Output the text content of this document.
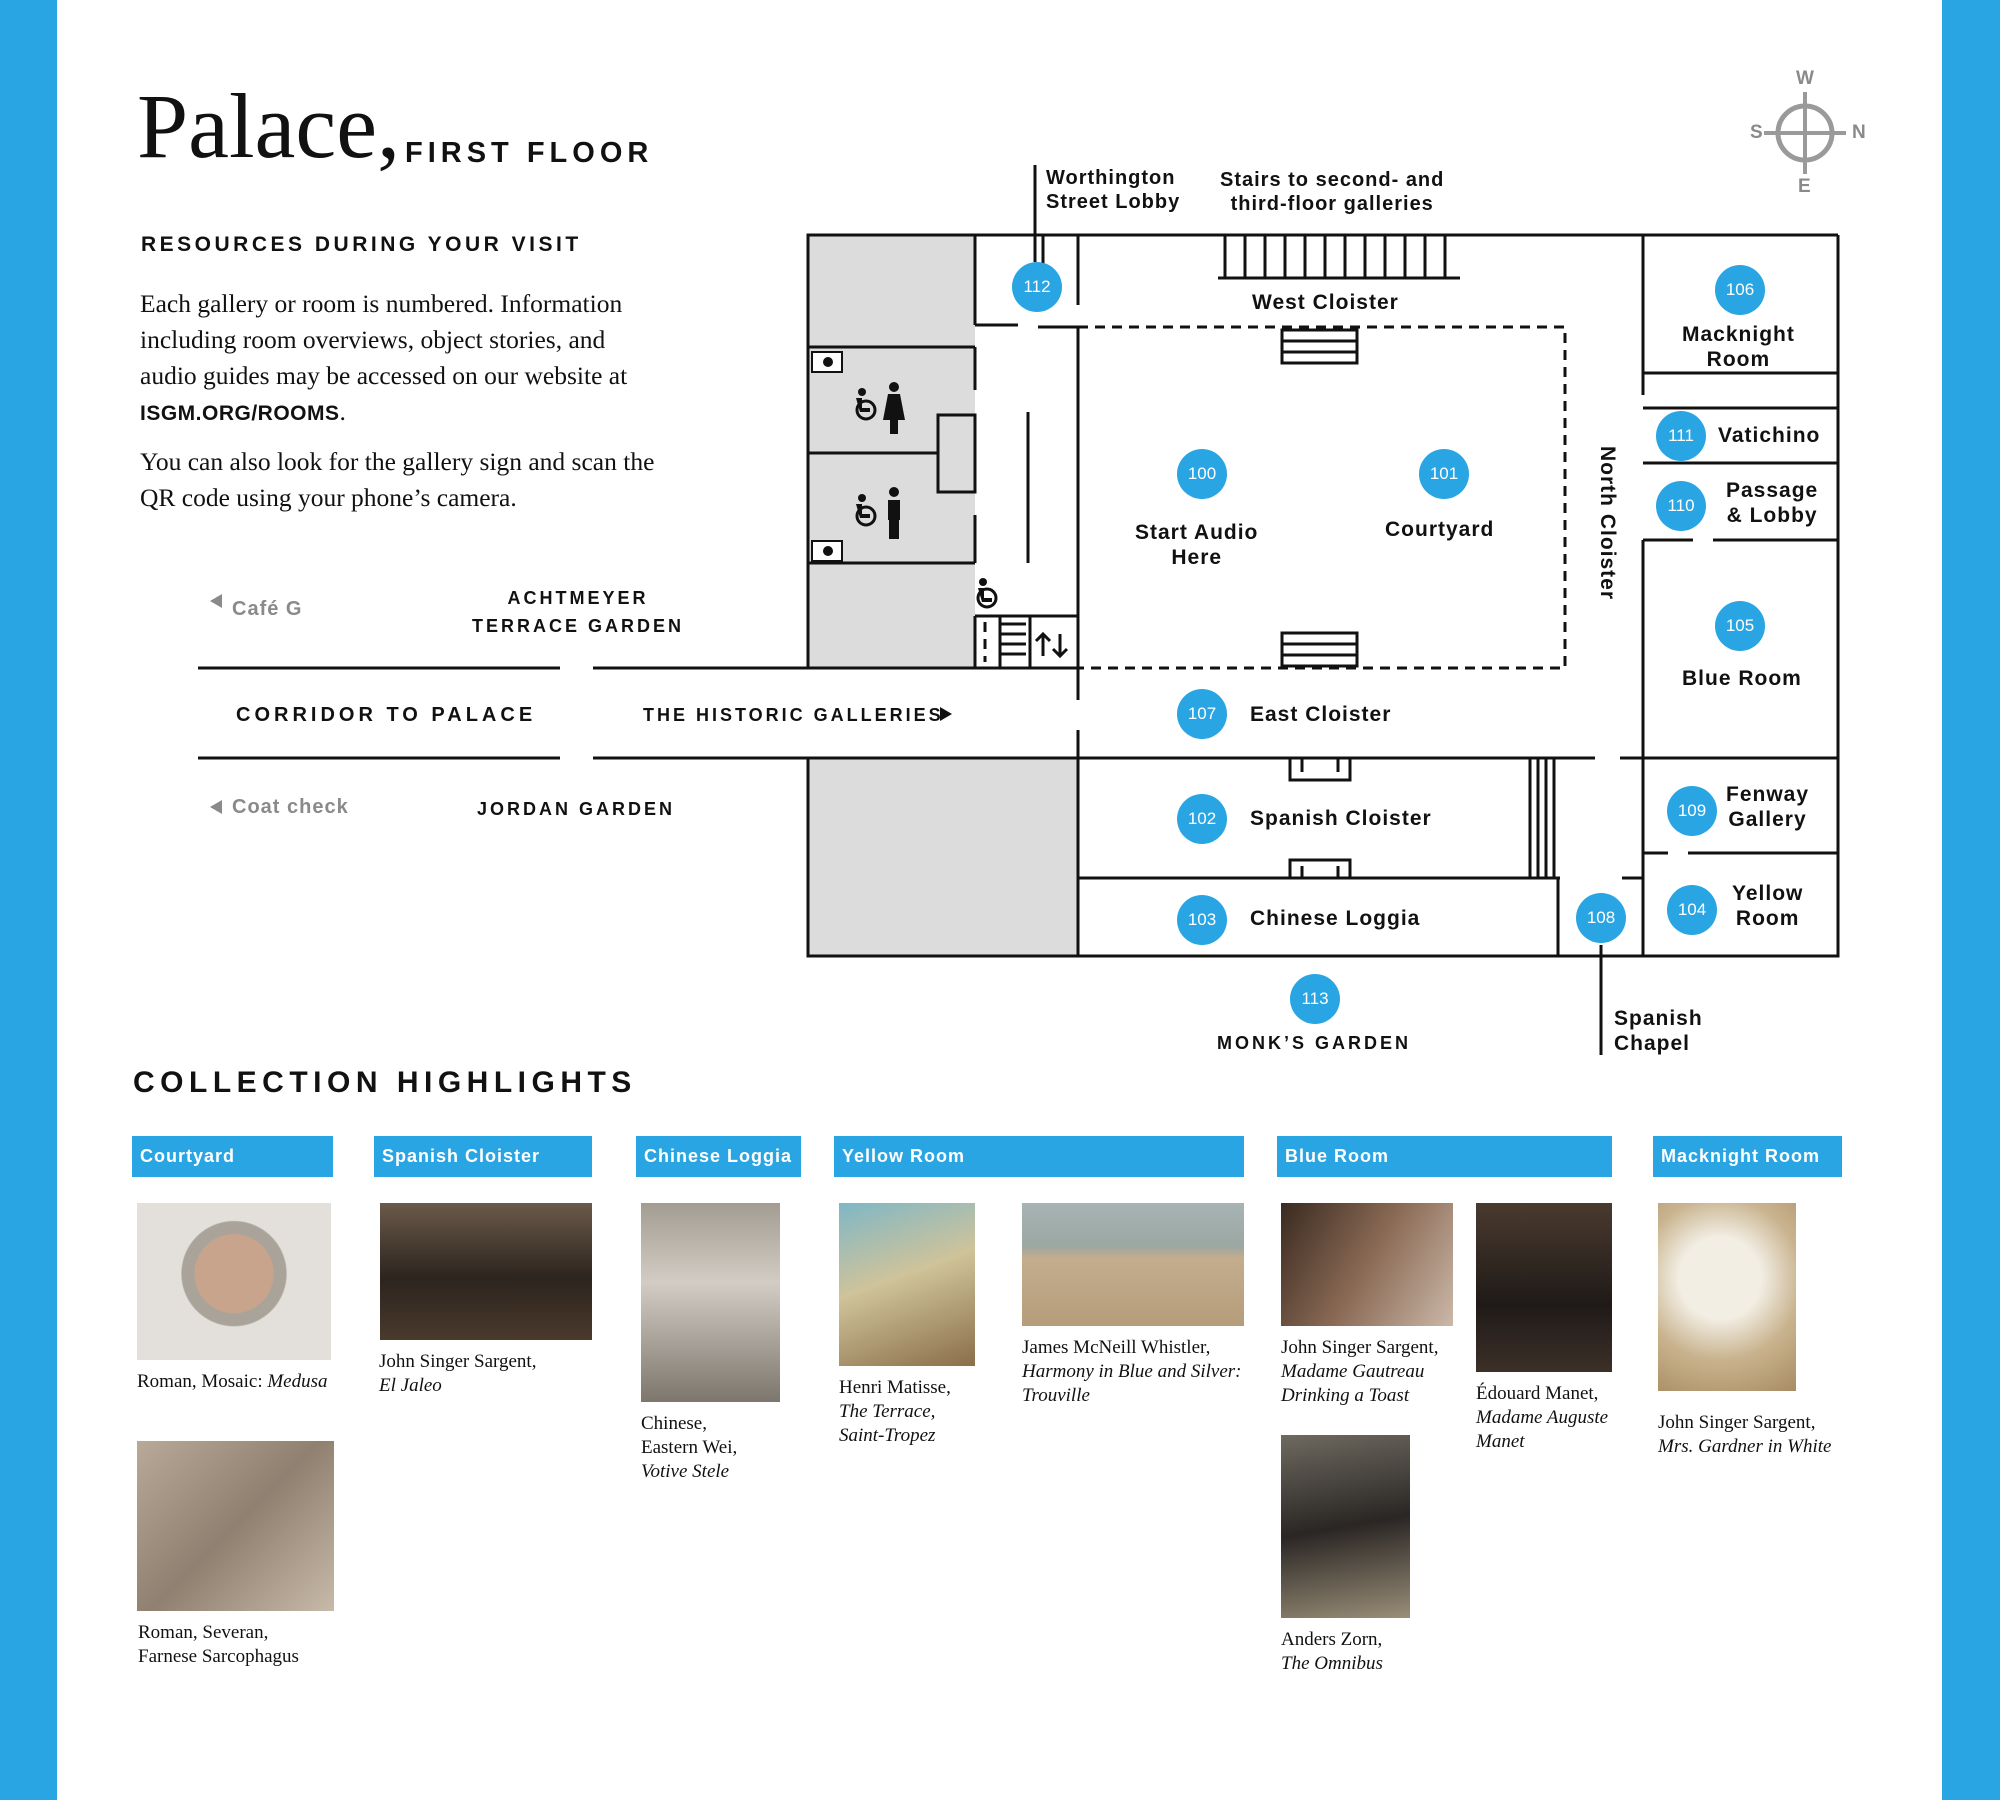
Palace, FIRST FLOOR
RESOURCES DURING YOUR VISIT

Each gallery or room is numbered. Information including room overviews, object stories, and audio guides may be accessed on our website at ISGM.ORG/ROOMS.

You can also look for the gallery sign and scan the QR code using your phone’s camera.

W
S	N
E
Worthington
Street Lobby
Stairs to second- and
third-floor galleries
West Cloister
Start Audio
Here
Courtyard	North Cloister
Macknight
Room
Vatichino
Passage
& Lobby
Blue Room
East Cloister
Fenway
Gallery
Spanish Cloister
Yellow
Room
Chinese Loggia
Spanish
Chapel
MONK’S GARDEN
Café G
Coat check
ACHTMEYER
TERRACE GARDEN
JORDAN GARDEN
CORRIDOR TO PALACE	THE HISTORIC GALLERIES
112
100	101
106
111
110
105
107
102	109
103	108	104
113
COLLECTION HIGHLIGHTS
Courtyard	Spanish Cloister	Chinese Loggia	Yellow Room	Blue Room	Macknight Room

Roman, Mosaic: Medusa

Roman, Severan,
Farnese Sarcophagus

John Singer Sargent,
El Jaleo

Chinese,
Eastern Wei,
Votive Stele

Henri Matisse,
The Terrace,
Saint-Tropez

James McNeill Whistler,
Harmony in Blue and Silver:
Trouville

John Singer Sargent,
Madame Gautreau
Drinking a Toast	Édouard Manet,
Madame Auguste
Manet

Anders Zorn,
The Omnibus

John Singer Sargent,
Mrs. Gardner in White
